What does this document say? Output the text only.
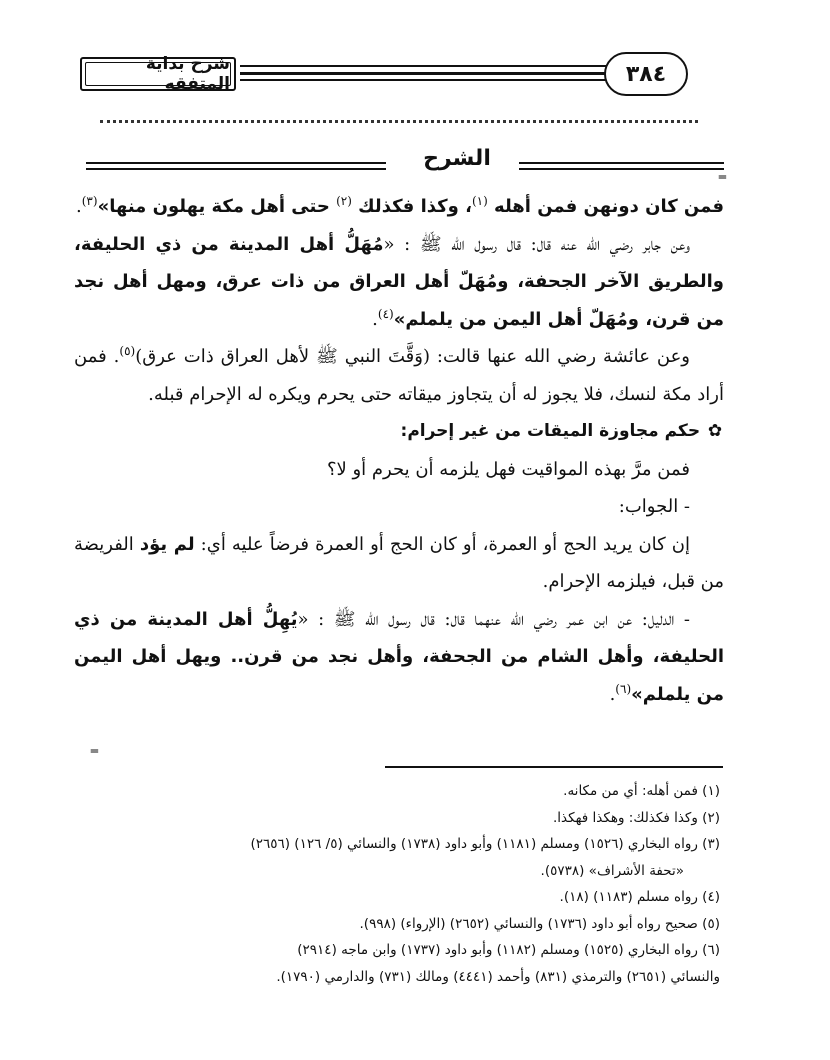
شرح بداية المتفقه	٣٨٤
الشرح
═
═

فمن كان دونهن فمن أهله $^{(١)}$، وكذا فكذلك $^{(٢)}$ حتى أهل مكة يهلون منها»$^{(٣)}$.

وعن جابر رضي الله عنه قال: قال رسول الله ﷺ : «مُهَلُّ أهل المدينة من ذي الحليفة، والطريق الآخر الجحفة، ومُهَلّ أهل العراق من ذات عرق، ومهل أهل نجد من قرن، ومُهَلّ أهل اليمن من يلملم»$^{(٤)}$.

وعن عائشة رضي الله عنها قالت: (وَقَّتَ النبي ﷺ لأهل العراق ذات عرق)$^{(٥)}$. فمن أراد مكة لنسك، فلا يجوز له أن يتجاوز ميقاته حتى يحرم ويكره له الإحرام قبله.

✿ حكم مجاوزة الميقات من غير إحرام:

فمن مرَّ بهذه المواقيت فهل يلزمه أن يحرم أو لا؟

- الجواب:

إن كان يريد الحج أو العمرة، أو كان الحج أو العمرة فرضاً عليه أي: لم يؤد الفريضة من قبل، فيلزمه الإحرام.

- الدليل: عن ابن عمر رضي الله عنهما قال: قال رسول الله ﷺ : «يُهِلُّ أهل المدينة من ذي الحليفة، وأهل الشام من الجحفة، وأهل نجد من قرن.. ويهل أهل اليمن من يلملم»$^{(٦)}$.

(١) فمن أهله: أي من مكانه.

(٢) وكذا فكذلك: وهكذا فهكذا.

(٣) رواه البخاري (١٥٢٦) ومسلم (١١٨١) وأبو داود (١٧٣٨) والنسائي (٥/ ١٢٦) (٢٦٥٦)

«تحفة الأشراف» (٥٧٣٨).

(٤) رواه مسلم (١١٨٣) (١٨).

(٥) صحيح رواه أبو داود (١٧٣٦) والنسائي (٢٦٥٢) (الإرواء) (٩٩٨).

(٦) رواه البخاري (١٥٢٥) ومسلم (١١٨٢) وأبو داود (١٧٣٧) وابن ماجه (٢٩١٤)

والنسائي (٢٦٥١) والترمذي (٨٣١) وأحمد (٤٤٤١) ومالك (٧٣١) والدارمي (١٧٩٠).
